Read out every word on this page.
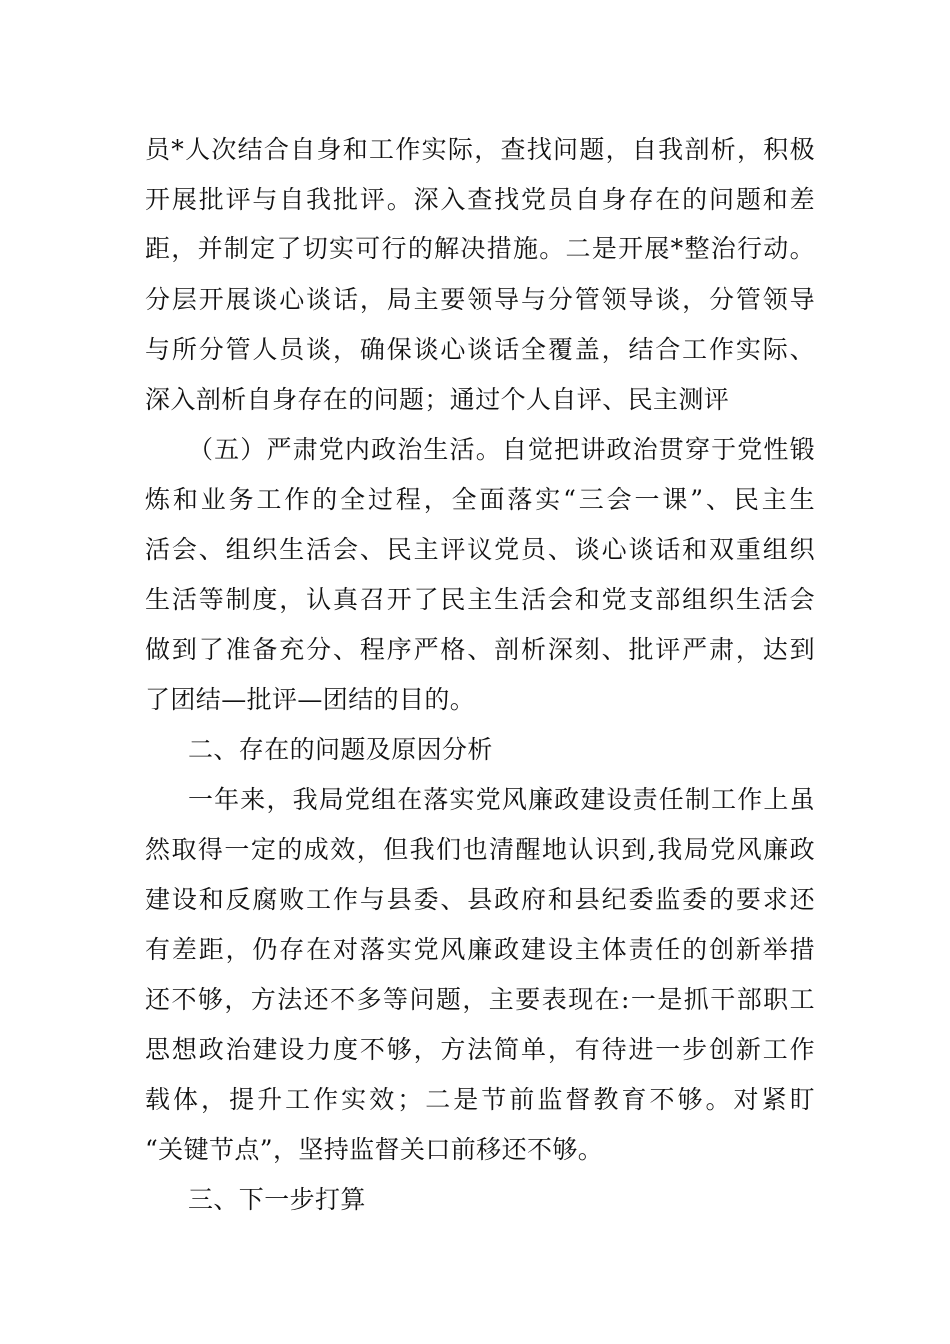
员*人次结合自身和工作实际，查找问题，自我剖析，积极
开展批评与自我批评。深入查找党员自身存在的问题和差
距，并制定了切实可行的解决措施。二是开展*整治行动。
分层开展谈心谈话，局主要领导与分管领导谈，分管领导
与所分管人员谈，确保谈心谈话全覆盖，结合工作实际、
深入剖析自身存在的问题；通过个人自评、民主测评
（五）严肃党内政治生活。自觉把讲政治贯穿于党性锻
炼和业务工作的全过程，全面落实“三会一课”、民主生
活会、组织生活会、民主评议党员、谈心谈话和双重组织
生活等制度，认真召开了民主生活会和党支部组织生活会
做到了准备充分、程序严格、剖析深刻、批评严肃，达到
了团结—批评—团结的目的。
二、存在的问题及原因分析
一年来，我局党组在落实党风廉政建设责任制工作上虽
然取得一定的成效，但我们也清醒地认识到,我局党风廉政
建设和反腐败工作与县委、县政府和县纪委监委的要求还
有差距，仍存在对落实党风廉政建设主体责任的创新举措
还不够，方法还不多等问题，主要表现在:一是抓干部职工
思想政治建设力度不够，方法简单，有待进一步创新工作
载体，提升工作实效；二是节前监督教育不够。对紧盯
“关键节点”，坚持监督关口前移还不够。
三、下一步打算
